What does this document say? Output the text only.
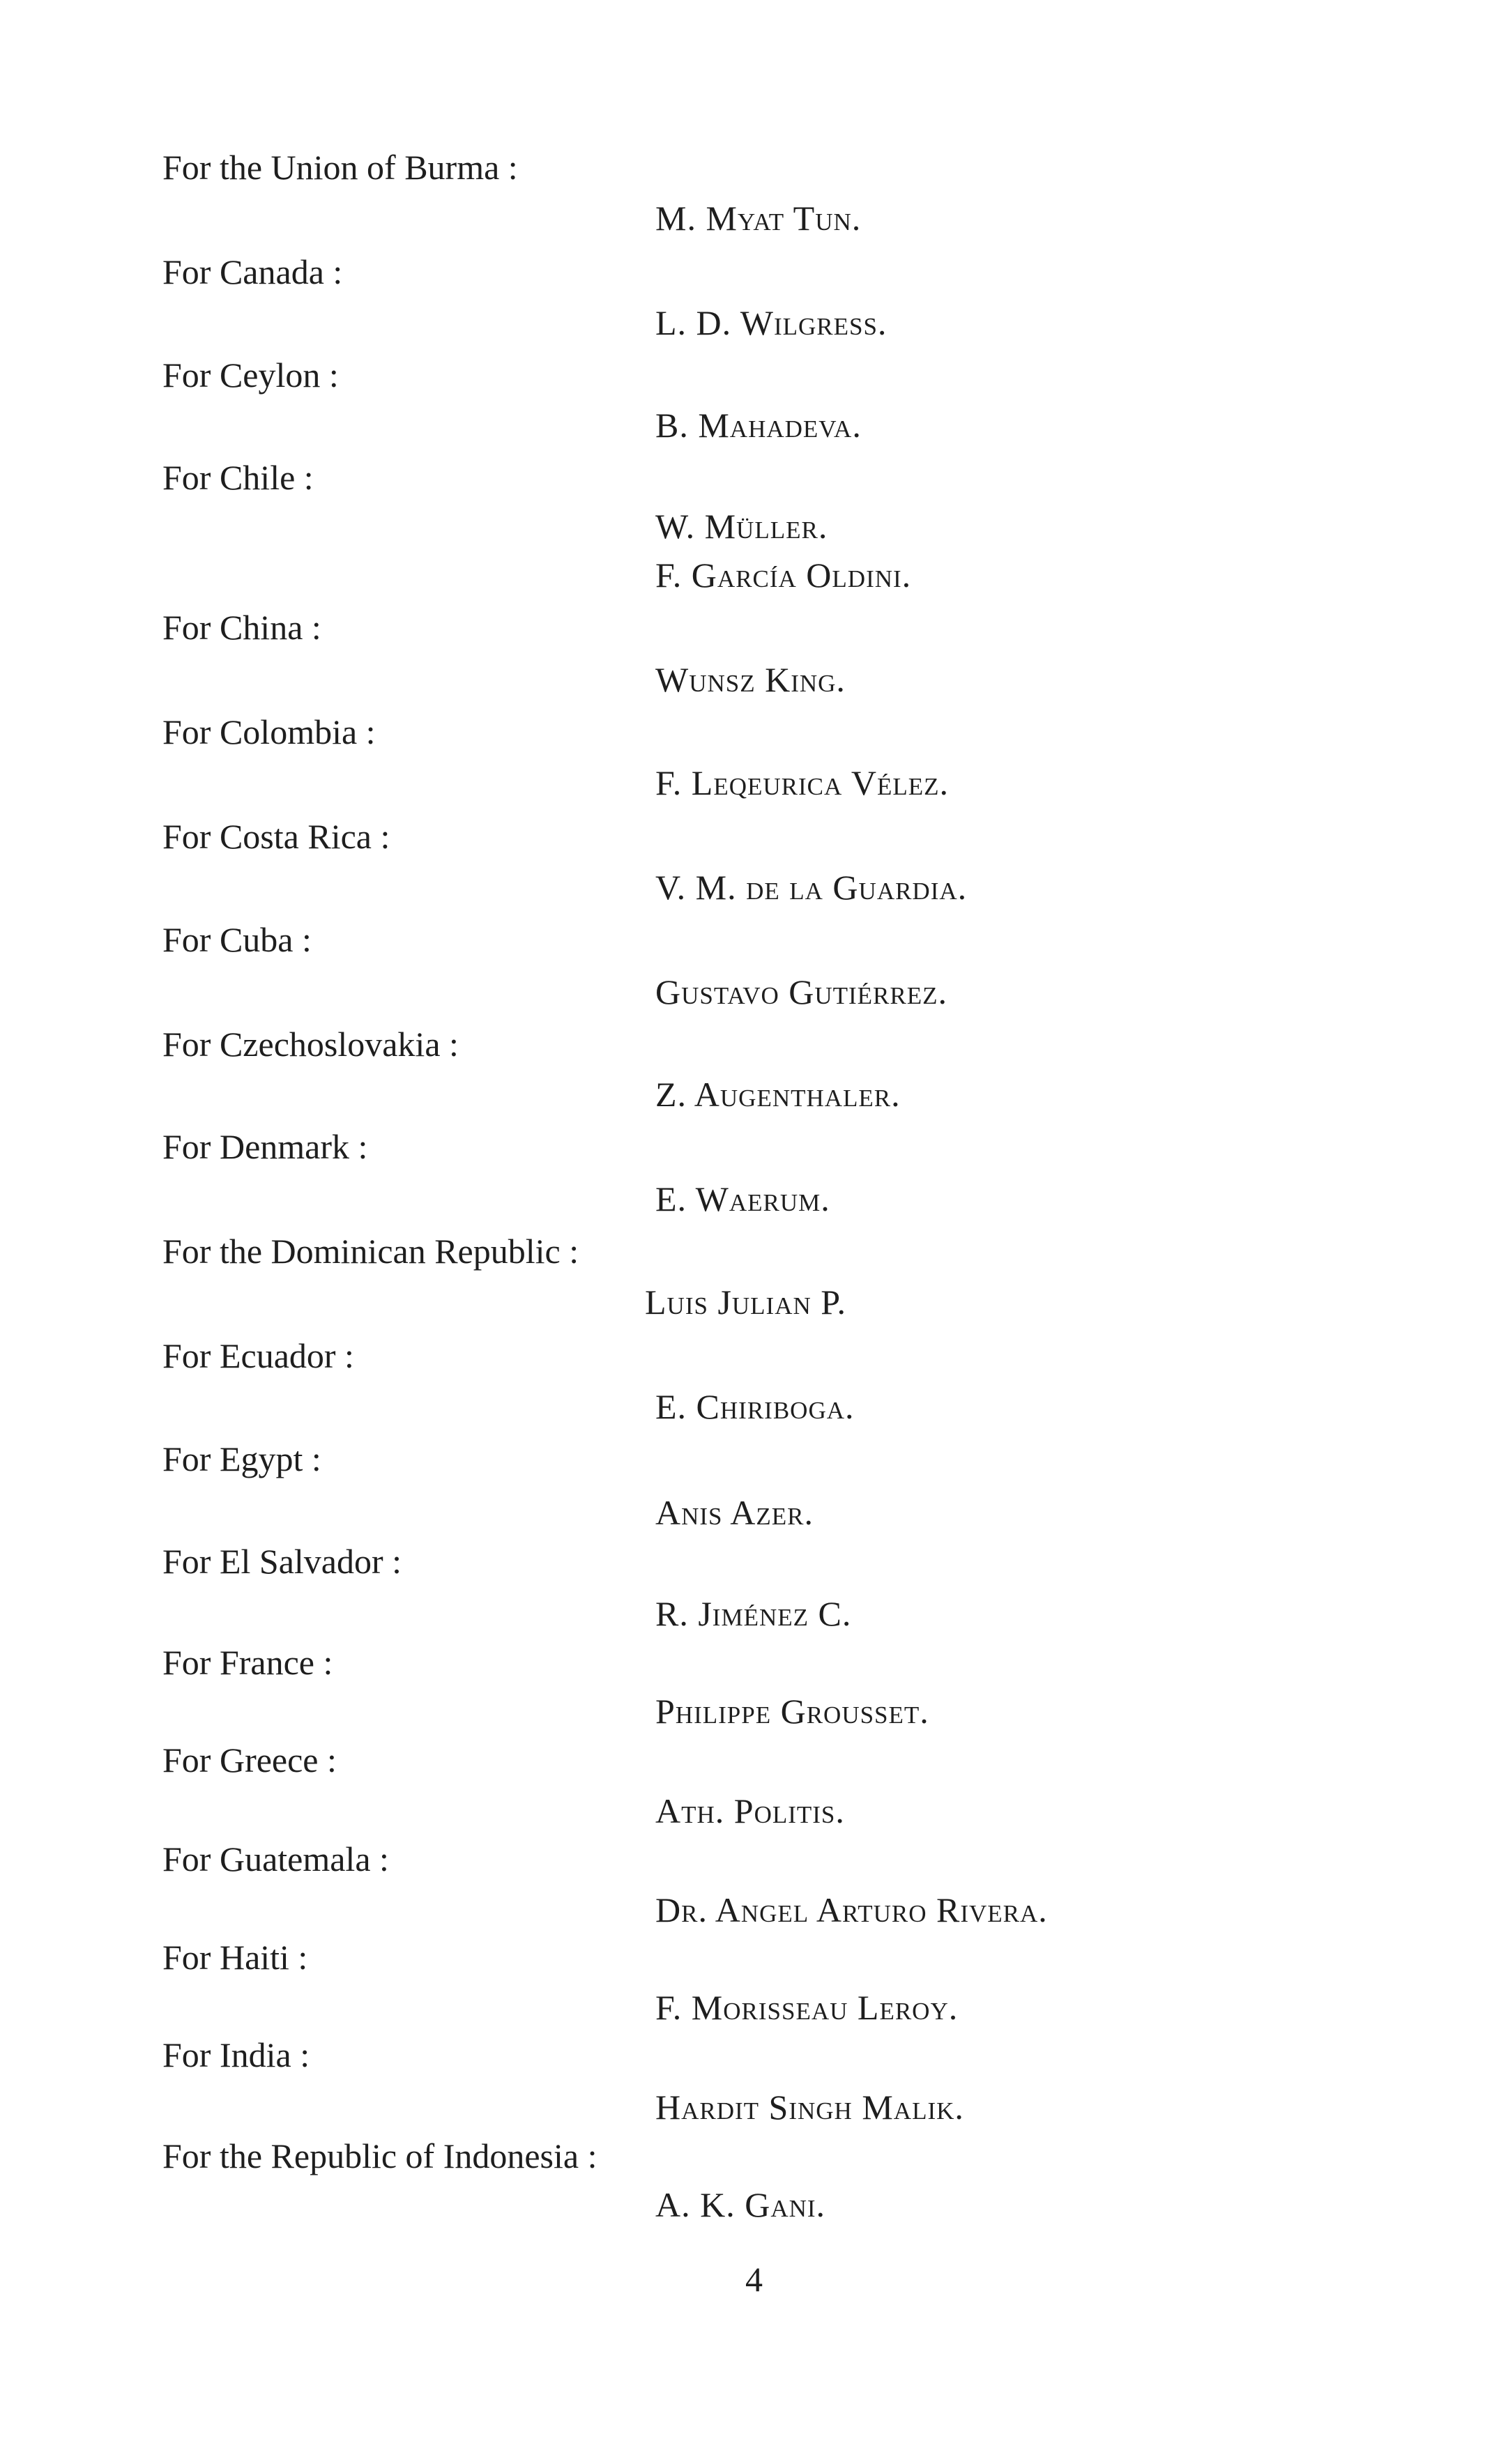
For the Union of Burma :
M. Myat Tun.
For Canada :
L. D. Wilgress.
For Ceylon :
B. Mahadeva.
For Chile :
W. Müller.
F. García Oldini.
For China :
Wunsz King.
For Colombia :
F. Leqeurica Vélez.
For Costa Rica :
V. M. de la Guardia.
For Cuba :
Gustavo Gutiérrez.
For Czechoslovakia :
Z. Augenthaler.
For Denmark :
E. Waerum.
For the Dominican Republic :
Luis Julian P.
For Ecuador :
E. Chiriboga.
For Egypt :
Anis Azer.
For El Salvador :
R. Jiménez C.
For France :
Philippe Grousset.
For Greece :
Ath. Politis.
For Guatemala :
Dr. Angel Arturo Rivera.
For Haiti :
F. Morisseau Leroy.
For India :
Hardit Singh Malik.
For the Republic of Indonesia :
A. K. Gani.
4
